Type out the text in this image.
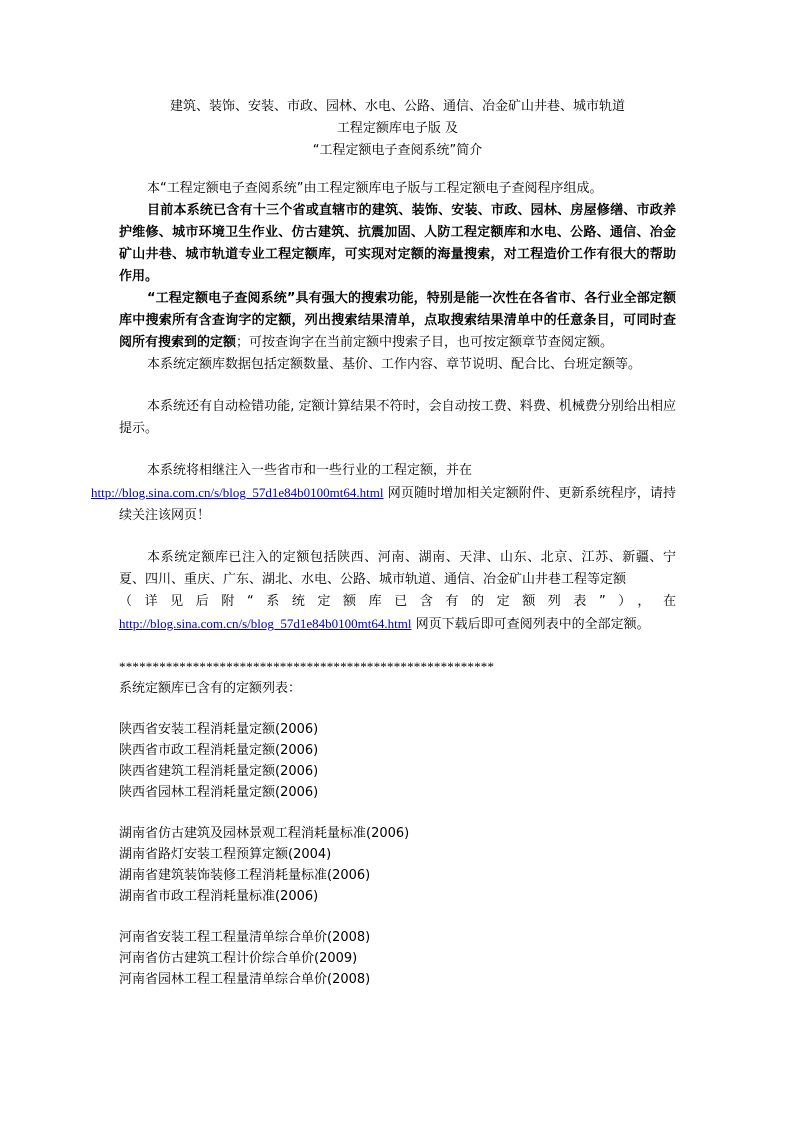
建筑、装饰、安装、市政、园林、水电、公路、通信、冶金矿山井巷、城市轨道
工程定额库电子版 及
“工程定额电子查阅系统”简介
本“工程定额电子查阅系统”由工程定额库电子版与工程定额电子查阅程序组成。
目前本系统已含有十三个省或直辖市的建筑、装饰、安装、市政、园林、房屋修缮、市政养护维修、城市环境卫生作业、仿古建筑、抗震加固、人防工程定额库和水电、公路、通信、冶金矿山井巷、城市轨道专业工程定额库，可实现对定额的海量搜索，对工程造价工作有很大的帮助作用。
“工程定额电子查阅系统”具有强大的搜索功能，特别是能一次性在各省市、各行业全部定额库中搜索所有含查询字的定额，列出搜索结果清单，点取搜索结果清单中的任意条目，可同时查阅所有搜索到的定额；可按查询字在当前定额中搜索子目，也可按定额章节查阅定额。
本系统定额库数据包括定额数量、基价、工作内容、章节说明、配合比、台班定额等。
本系统还有自动检错功能, 定额计算结果不符时，会自动按工费、料费、机械费分别给出相应提示。
本系统将相继注入一些省市和一些行业的工程定额，并在
http://blog.sina.com.cn/s/blog_57d1e84b0100mt64.html 网页随时增加相关定额附件、更新系统程序，请持续关注该网页！
本系统定额库已注入的定额包括陕西、河南、湖南、天津、山东、北京、江苏、新疆、宁夏、四川、重庆、广东、湖北、水电、公路、城市轨道、通信、冶金矿山井巷工程等定额
（详见后附“系统定额库已含有的定额列表”），在
http://blog.sina.com.cn/s/blog_57d1e84b0100mt64.html 网页下载后即可查阅列表中的全部定额。
********************************************************
系统定额库已含有的定额列表：
陕西省安装工程消耗量定额(2006)
陕西省市政工程消耗量定额(2006)
陕西省建筑工程消耗量定额(2006)
陕西省园林工程消耗量定额(2006)
湖南省仿古建筑及园林景观工程消耗量标准(2006)
湖南省路灯安装工程预算定额(2004)
湖南省建筑装饰装修工程消耗量标准(2006)
湖南省市政工程消耗量标准(2006)
河南省安装工程工程量清单综合单价(2008)
河南省仿古建筑工程计价综合单价(2009)
河南省园林工程工程量清单综合单价(2008)
